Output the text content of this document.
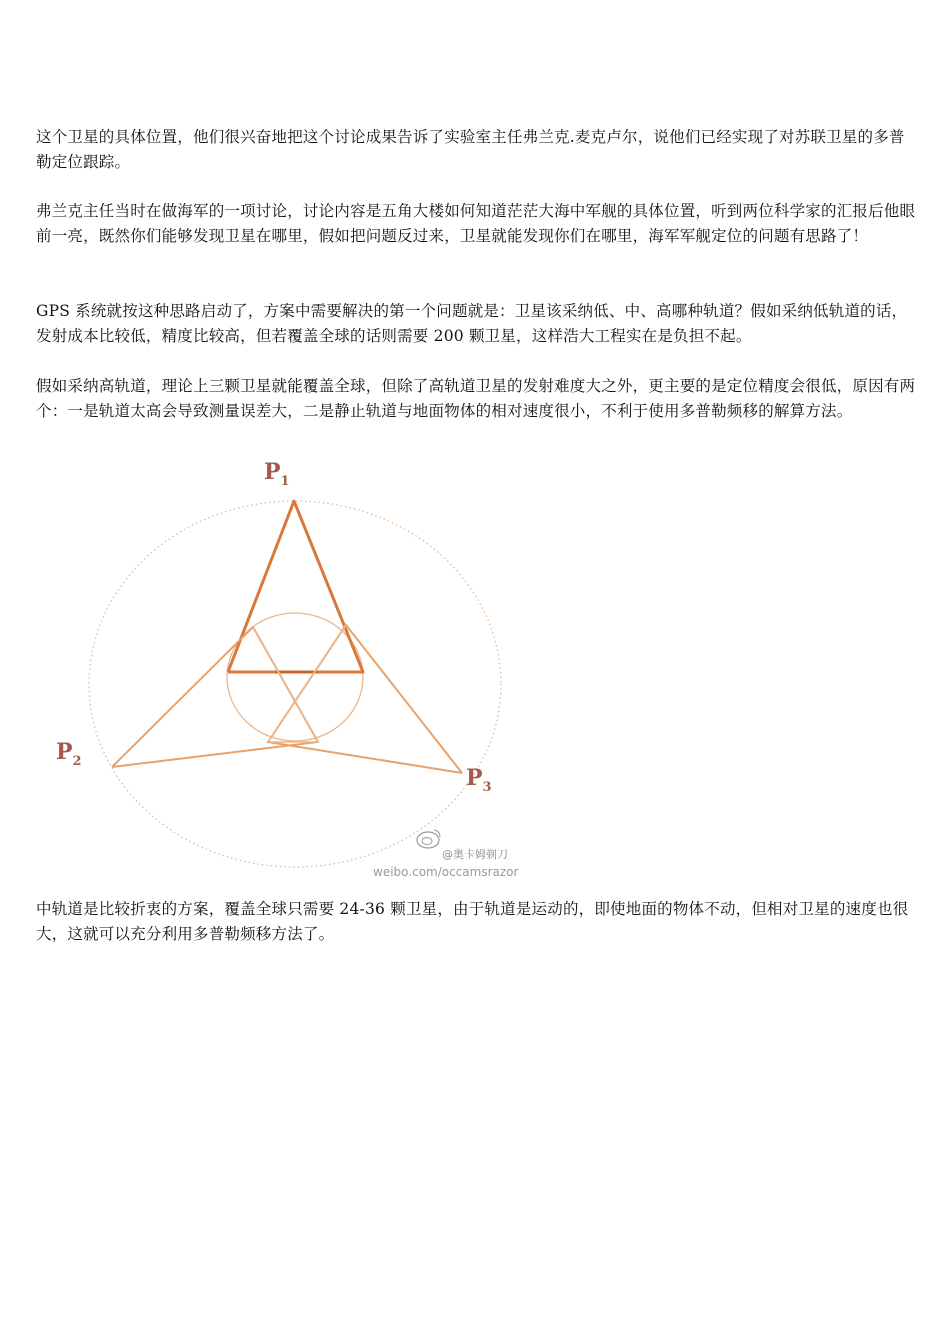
这个卫星的具体位置，他们很兴奋地把这个讨论成果告诉了实验室主任弗兰克.麦克卢尔，说他们已经实现了对苏联卫星的多普勒定位跟踪。

弗兰克主任当时在做海军的一项讨论，讨论内容是五角大楼如何知道茫茫大海中军舰的具体位置，听到两位科学家的汇报后他眼前一亮，既然你们能够发现卫星在哪里，假如把问题反过来，卫星就能发现你们在哪里，海军军舰定位的问题有思路了！

GPS 系统就按这种思路启动了，方案中需要解决的第一个问题就是：卫星该采纳低、中、高哪种轨道？假如采纳低轨道的话，发射成本比较低，精度比较高，但若覆盖全球的话则需要 200 颗卫星，这样浩大工程实在是负担不起。

假如采纳高轨道，理论上三颗卫星就能覆盖全球，但除了高轨道卫星的发射难度大之外，更主要的是定位精度会很低，原因有两个：一是轨道太高会导致测量误差大，二是静止轨道与地面物体的相对速度很小，不利于使用多普勒频移的解算方法。

$P_1$
$P_2$
$P_3$
@奥卡姆剃刀
weibo.com/occamsrazor

中轨道是比较折衷的方案，覆盖全球只需要 24-36 颗卫星，由于轨道是运动的，即使地面的物体不动，但相对卫星的速度也很大，这就可以充分利用多普勒频移方法了。
